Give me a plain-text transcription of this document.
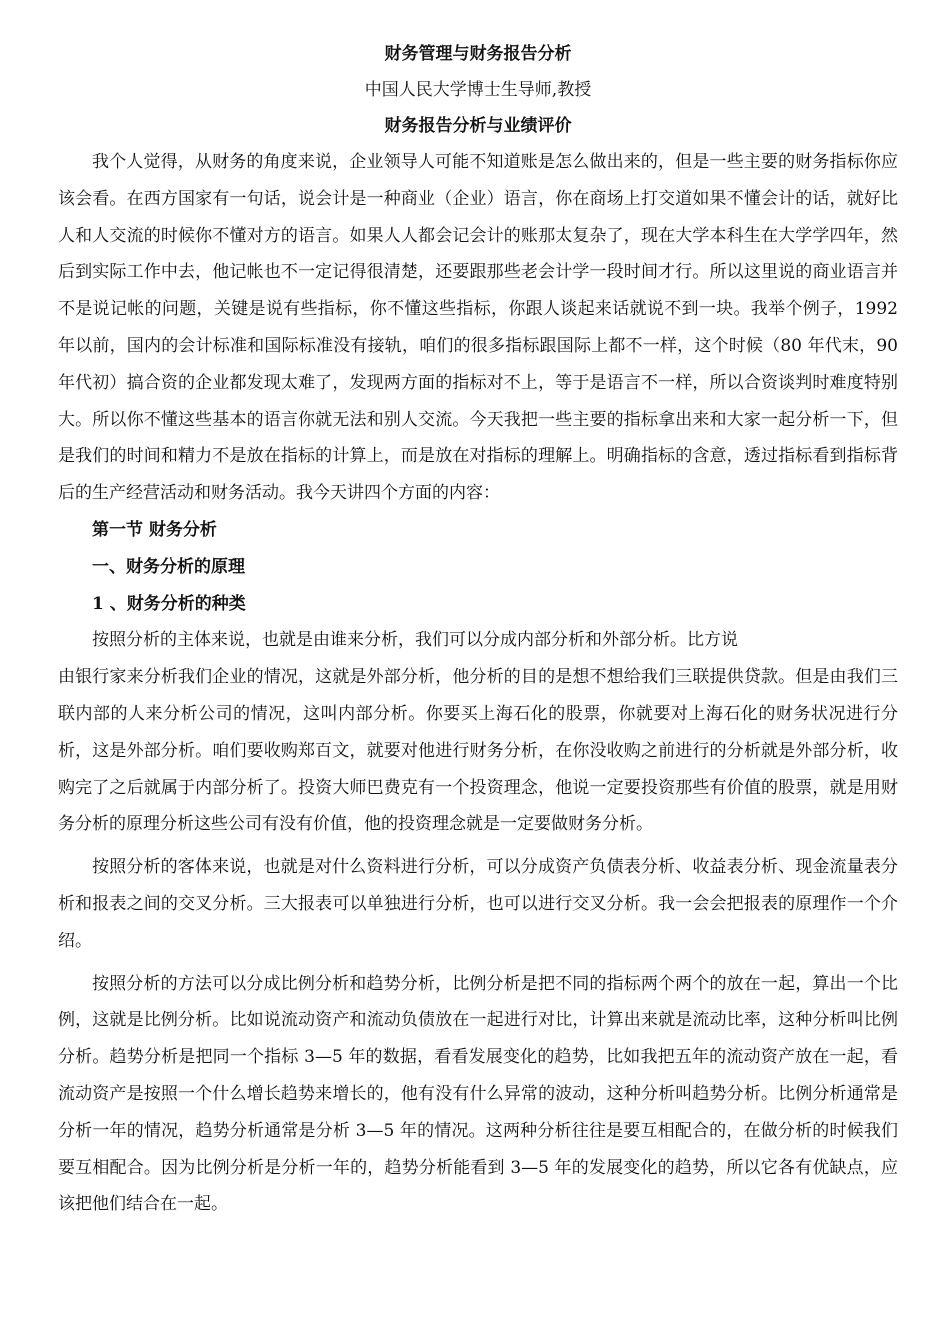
财务管理与财务报告分析
中国人民大学博士生导师,教授
财务报告分析与业绩评价

我个人觉得，从财务的角度来说，企业领导人可能不知道账是怎么做出来的，但是一些主要的财务指标你应该会看。在西方国家有一句话，说会计是一种商业（企业）语言，你在商场上打交道如果不懂会计的话，就好比人和人交流的时候你不懂对方的语言。如果人人都会记会计的账那太复杂了，现在大学本科生在大学学四年，然后到实际工作中去，他记帐也不一定记得很清楚，还要跟那些老会计学一段时间才行。所以这里说的商业语言并不是说记帐的问题，关键是说有些指标，你不懂这些指标，你跟人谈起来话就说不到一块。我举个例子，1992 年以前，国内的会计标准和国际标准没有接轨，咱们的很多指标跟国际上都不一样，这个时候（80 年代末，90 年代初）搞合资的企业都发现太难了，发现两方面的指标对不上，等于是语言不一样，所以合资谈判时难度特别大。所以你不懂这些基本的语言你就无法和别人交流。今天我把一些主要的指标拿出来和大家一起分析一下，但是我们的时间和精力不是放在指标的计算上，而是放在对指标的理解上。明确指标的含意，透过指标看到指标背后的生产经营活动和财务活动。我今天讲四个方面的内容：

第一节 财务分析

一、财务分析的原理

1 、财务分析的种类

按照分析的主体来说，也就是由谁来分析，我们可以分成内部分析和外部分析。比方说

由银行家来分析我们企业的情况，这就是外部分析，他分析的目的是想不想给我们三联提供贷款。但是由我们三联内部的人来分析公司的情况，这叫内部分析。你要买上海石化的股票，你就要对上海石化的财务状况进行分析，这是外部分析。咱们要收购郑百文，就要对他进行财务分析，在你没收购之前进行的分析就是外部分析，收购完了之后就属于内部分析了。投资大师巴费克有一个投资理念，他说一定要投资那些有价值的股票，就是用财务分析的原理分析这些公司有没有价值，他的投资理念就是一定要做财务分析。

按照分析的客体来说，也就是对什么资料进行分析，可以分成资产负债表分析、收益表分析、现金流量表分析和报表之间的交叉分析。三大报表可以单独进行分析，也可以进行交叉分析。我一会会把报表的原理作一个介绍。

按照分析的方法可以分成比例分析和趋势分析，比例分析是把不同的指标两个两个的放在一起，算出一个比例，这就是比例分析。比如说流动资产和流动负债放在一起进行对比，计算出来就是流动比率，这种分析叫比例分析。趋势分析是把同一个指标 3—5 年的数据，看看发展变化的趋势，比如我把五年的流动资产放在一起，看流动资产是按照一个什么增长趋势来增长的，他有没有什么异常的波动，这种分析叫趋势分析。比例分析通常是分析一年的情况，趋势分析通常是分析 3—5 年的情况。这两种分析往往是要互相配合的，在做分析的时候我们要互相配合。因为比例分析是分析一年的，趋势分析能看到 3—5 年的发展变化的趋势，所以它各有优缺点，应该把他们结合在一起。
